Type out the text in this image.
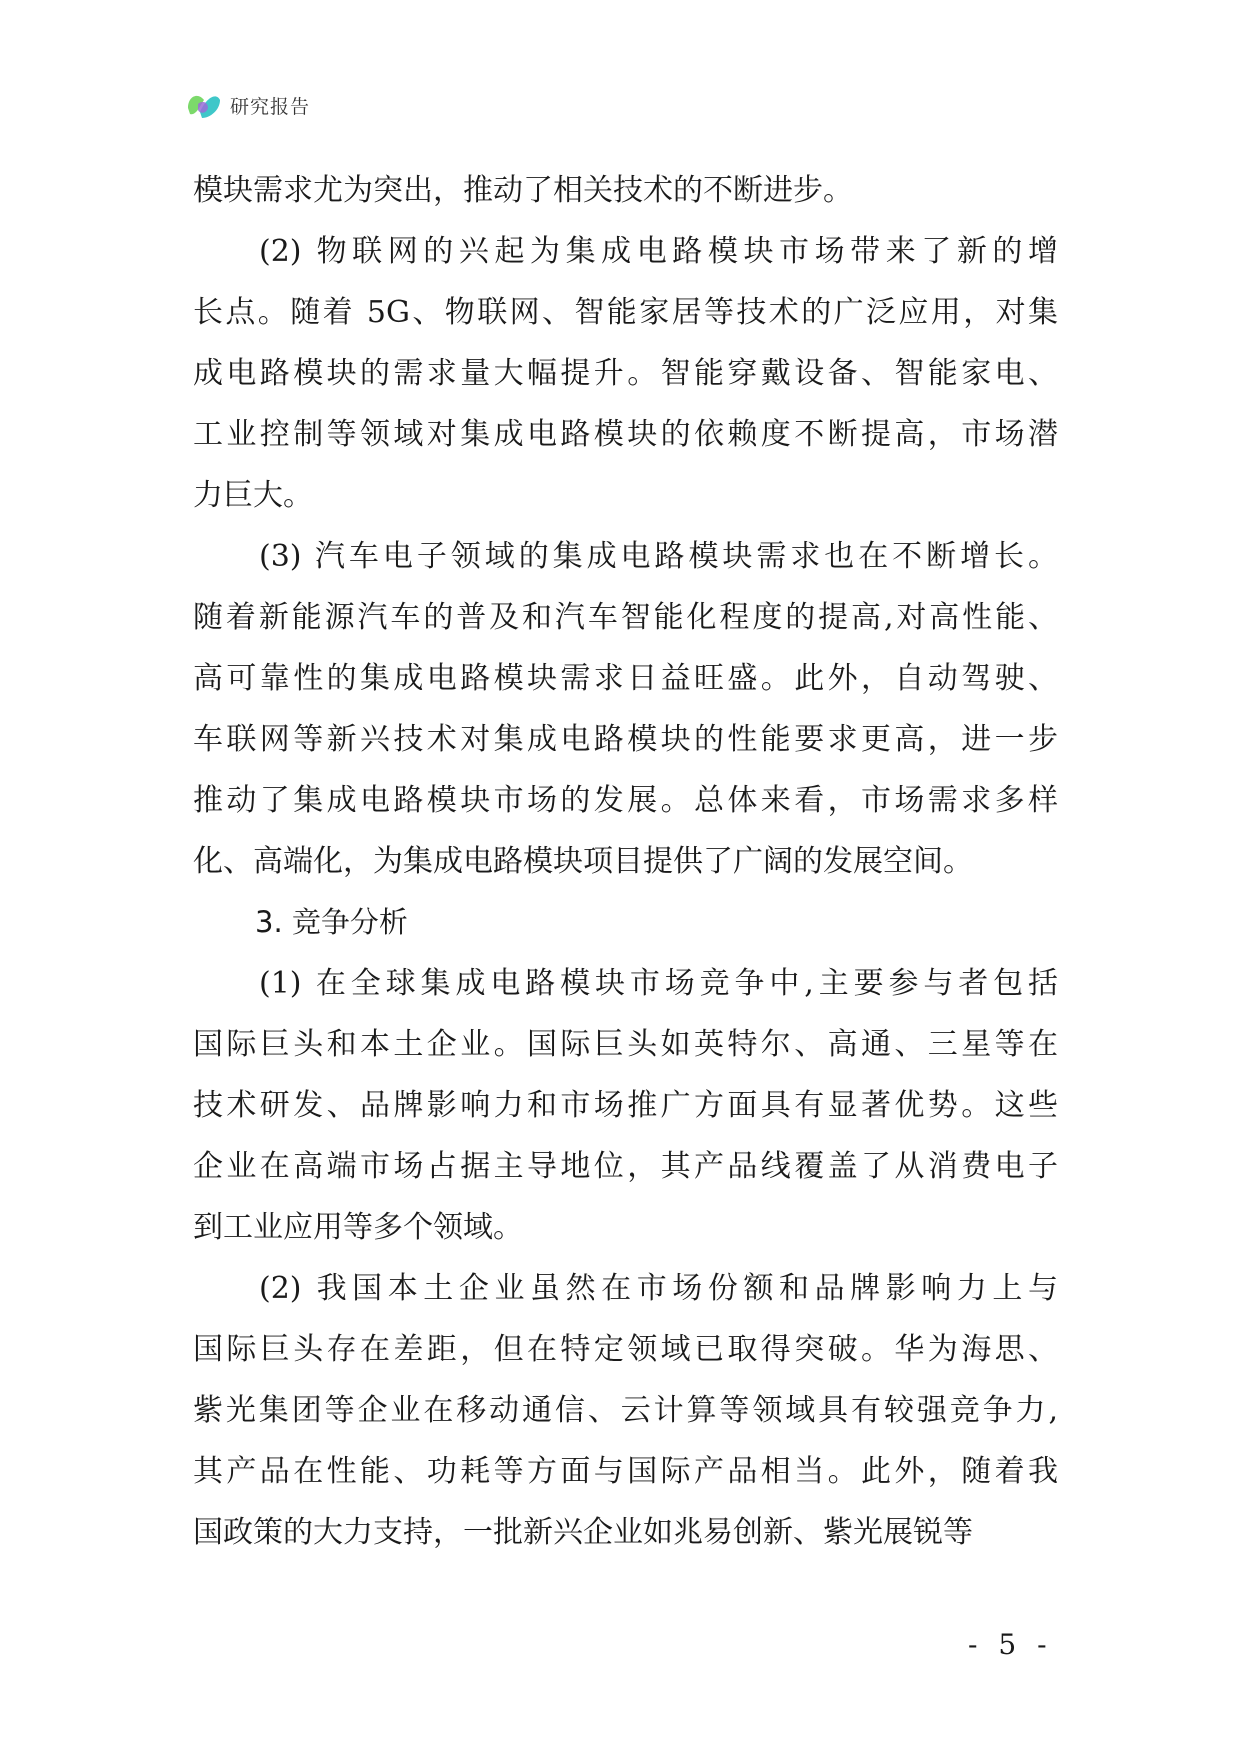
研究报告
模块需求尤为突出，推动了相关技术的不断进步。
(2) 物联网的兴起为集成电路模块市场带来了新的增
长点。随着 5G、物联网、智能家居等技术的广泛应用，对集
成电路模块的需求量大幅提升。智能穿戴设备、智能家电、
工业控制等领域对集成电路模块的依赖度不断提高，市场潜
力巨大。
(3) 汽车电子领域的集成电路模块需求也在不断增长。
随着新能源汽车的普及和汽车智能化程度的提高,对高性能、
高可靠性的集成电路模块需求日益旺盛。此外，自动驾驶、
车联网等新兴技术对集成电路模块的性能要求更高，进一步
推动了集成电路模块市场的发展。总体来看，市场需求多样
化、高端化，为集成电路模块项目提供了广阔的发展空间。
3. 竞争分析
(1) 在全球集成电路模块市场竞争中,主要参与者包括
国际巨头和本土企业。国际巨头如英特尔、高通、三星等在
技术研发、品牌影响力和市场推广方面具有显著优势。这些
企业在高端市场占据主导地位，其产品线覆盖了从消费电子
到工业应用等多个领域。
(2) 我国本土企业虽然在市场份额和品牌影响力上与
国际巨头存在差距，但在特定领域已取得突破。华为海思、
紫光集团等企业在移动通信、云计算等领域具有较强竞争力,
其产品在性能、功耗等方面与国际产品相当。此外，随着我
国政策的大力支持，一批新兴企业如兆易创新、紫光展锐等
- 5 -
